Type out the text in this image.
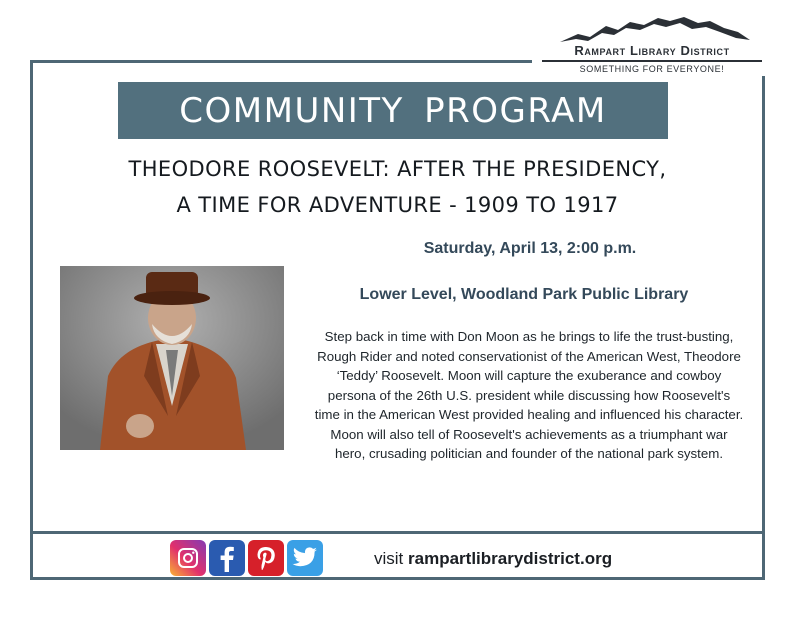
Rampart Library District
SOMETHING FOR EVERYONE!
COMMUNITY PROGRAM
THEODORE ROOSEVELT: AFTER THE PRESIDENCY,
A TIME FOR ADVENTURE - 1909 TO 1917
Saturday, April 13, 2:00 p.m.
Lower Level, Woodland Park Public Library
Step back in time with Don Moon as he brings to life the trust-busting, Rough Rider and noted conservationist of the American West, Theodore ‘Teddy’ Roosevelt. Moon will capture the exuberance and cowboy persona of the 26th U.S. president while discussing how Roosevelt's time in the American West provided healing and influenced his character. Moon will also tell of Roosevelt's achievements as a triumphant war hero, crusading politician and founder of the national park system.
visit rampartlibrarydistrict.org
